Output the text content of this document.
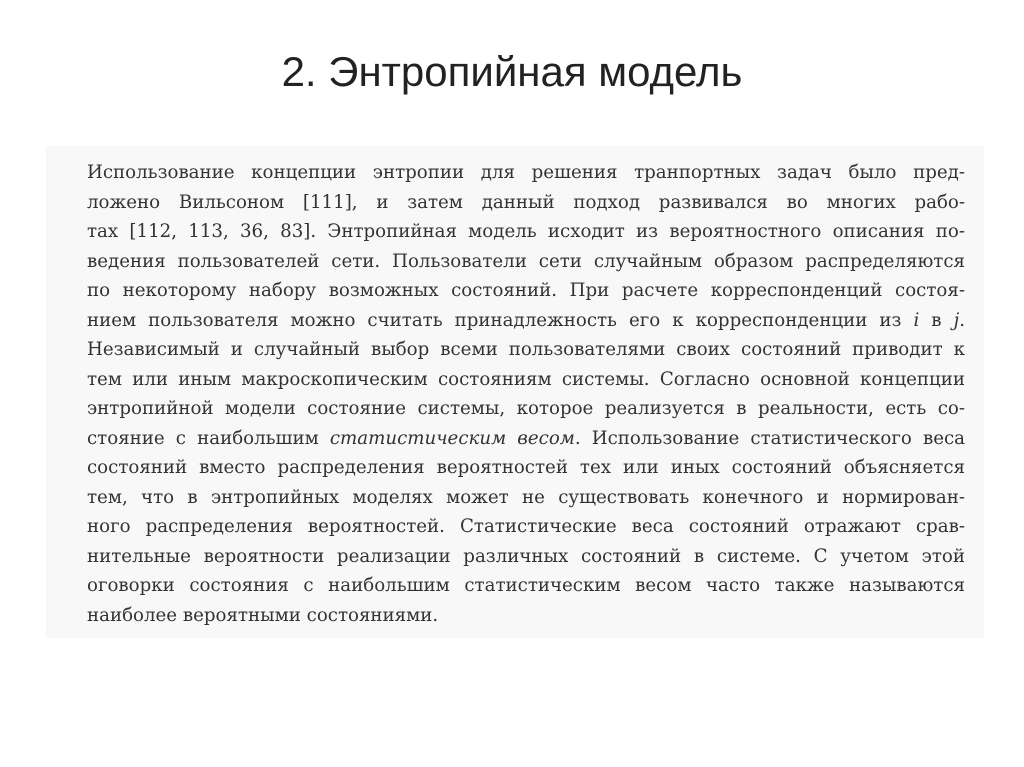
2. Энтропийная модель
Использование концепции энтропии для решения транпортных задач было пред-
ложено Вильсоном [111], и затем данный подход развивался во многих рабо-
тах [112, 113, 36, 83]. Энтропийная модель исходит из вероятностного описания по-
ведения пользователей сети. Пользователи сети случайным образом распределяются
по некоторому набору возможных состояний. При расчете корреспонденций состоя-
нием пользователя можно считать принадлежность его к корреспонденции из i в j.
Независимый и случайный выбор всеми пользователями своих состояний приводит к
тем или иным макроскопическим состояниям системы. Согласно основной концепции
энтропийной модели состояние системы, которое реализуется в реальности, есть со-
стояние с наибольшим статистическим весом. Использование статистического веса
состояний вместо распределения вероятностей тех или иных состояний объясняется
тем, что в энтропийных моделях может не существовать конечного и нормирован-
ного распределения вероятностей. Статистические веса состояний отражают срав-
нительные вероятности реализации различных состояний в системе. С учетом этой
оговорки состояния с наибольшим статистическим весом часто также называются
наиболее вероятными состояниями.
